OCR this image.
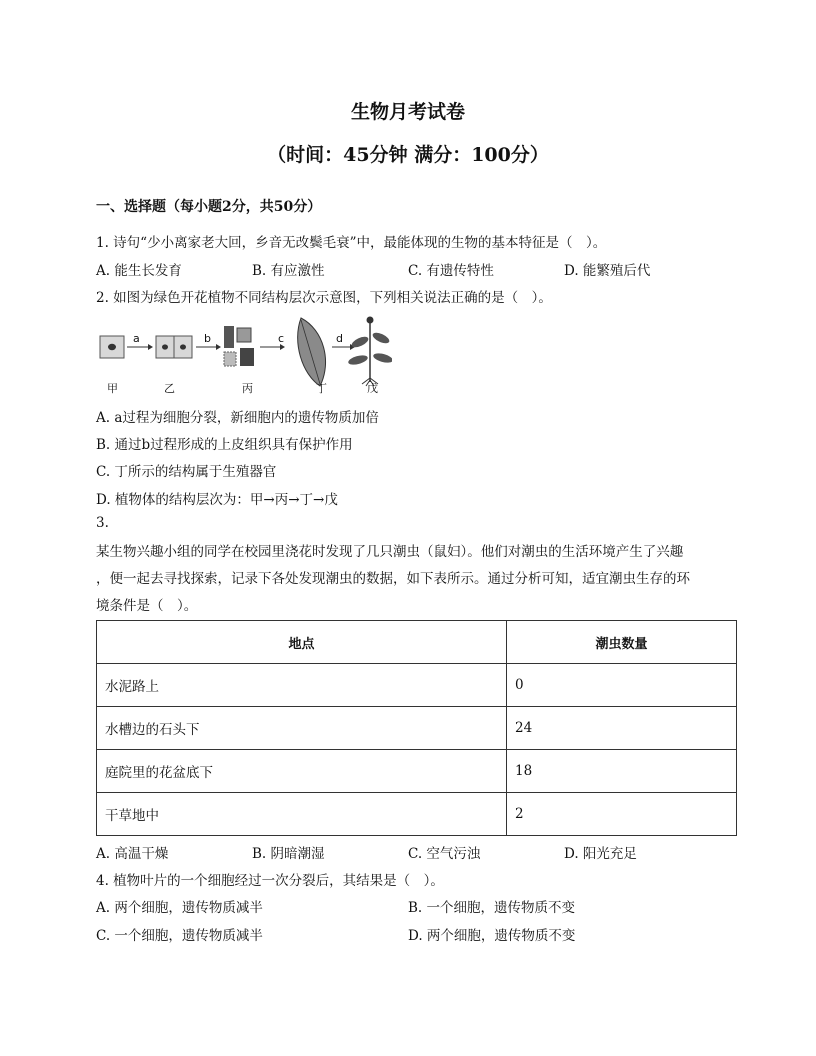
生物月考试卷
（时间：45分钟 满分：100分）
一、选择题（每小题2分，共50分）
1. 诗句“少小离家老大回，乡音无改鬓毛衰”中，最能体现的生物的基本特征是（　）。
A. 能生长发育	B. 有应激性	C. 有遗传特性	D. 能繁殖后代
2. 如图为绿色开花植物不同结构层次示意图，下列相关说法正确的是（　）。
a	b	c	d
甲	乙	丙	丁	戊
A. a过程为细胞分裂，新细胞内的遗传物质加倍
B. 通过b过程形成的上皮组织具有保护作用
C. 丁所示的结构属于生殖器官
D. 植物体的结构层次为：甲→丙→丁→戊
3.
某生物兴趣小组的同学在校园里浇花时发现了几只潮虫（鼠妇）。他们对潮虫的生活环境产生了兴趣
，便一起去寻找探索，记录下各处发现潮虫的数据，如下表所示。通过分析可知，适宜潮虫生存的环
境条件是（　）。
地点	潮虫数量
水泥路上	0
水槽边的石头下	24
庭院里的花盆底下	18
干草地中	2
A. 高温干燥	B. 阴暗潮湿	C. 空气污浊	D. 阳光充足
4. 植物叶片的一个细胞经过一次分裂后，其结果是（　）。
A. 两个细胞，遗传物质减半	B. 一个细胞，遗传物质不变
C. 一个细胞，遗传物质减半	D. 两个细胞，遗传物质不变
